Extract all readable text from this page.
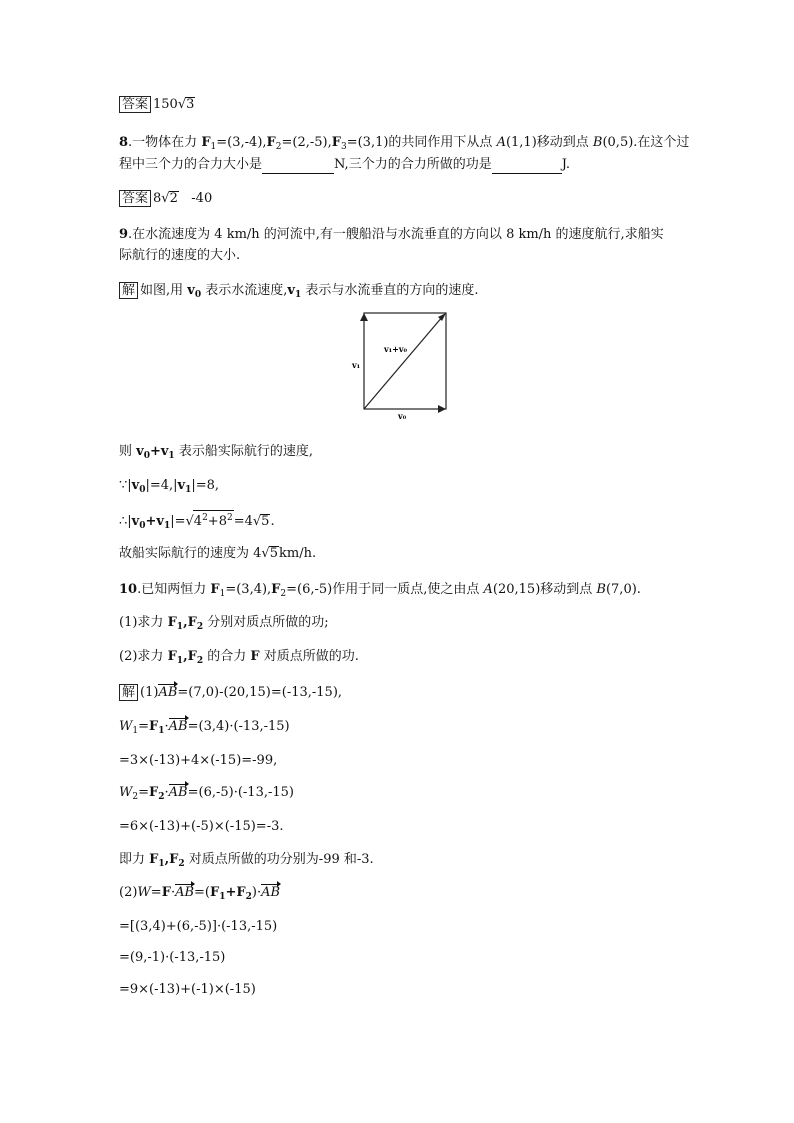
答案 150√3
8.一物体在力 $F_1=(3,-4),F_2=(2,-5),F_3=(3,1)$的共同作用下从点 A(1,1)移动到点 B(0,5).在这个过
程中三个力的合力大小是	N,三个力的合力所做的功是	J.
答案 8√2 -40
9.在水流速度为 4 km/h 的河流中,有一艘船沿与水流垂直的方向以 8 km/h 的速度航行,求船实
际航行的速度的大小.
解 如图,用 $v_0$ 表示水流速度$,v_1$ 表示与水流垂直的方向的速度.
v₁
v₁+v₀
v₀
则 $v_0+v_1$ 表示船实际航行的速度,
$\because|v_0|=4,|v_1|=8$,
$\therefore|v_0+v_1|=√4^2+8^2=4√5$.
故船实际航行的速度为 4√5km/h.
10.已知两恒力 $F_1=(3,4),F_2=(6,-5)$作用于同一质点,使之由点 A(20,15)移动到点 B(7,0).
(1)求力 $F_1,F_2$ 分别对质点所做的功;
(2)求力 $F_1,F_2$ 的合力 F 对质点所做的功.
解 (1)AB=(7,0)-(20,15)=(-13,-15),
$W_1=F_1\cdot AB=(3,4)\cdot(-13,-15)$
=3×(-13)+4×(-15)=-99,
$W_2=F_2\cdot AB=(6,-5)\cdot(-13,-15)$
=6×(-13)+(-5)×(-15)=-3.
即力 $F_1,F_2$ 对质点所做的功分别为-99 和-3.
$(2)W=F\cdot AB=(F_1+F_2)\cdot AB$
=[(3,4)+(6,-5)]·(-13,-15)
=(9,-1)·(-13,-15)
=9×(-13)+(-1)×(-15)
